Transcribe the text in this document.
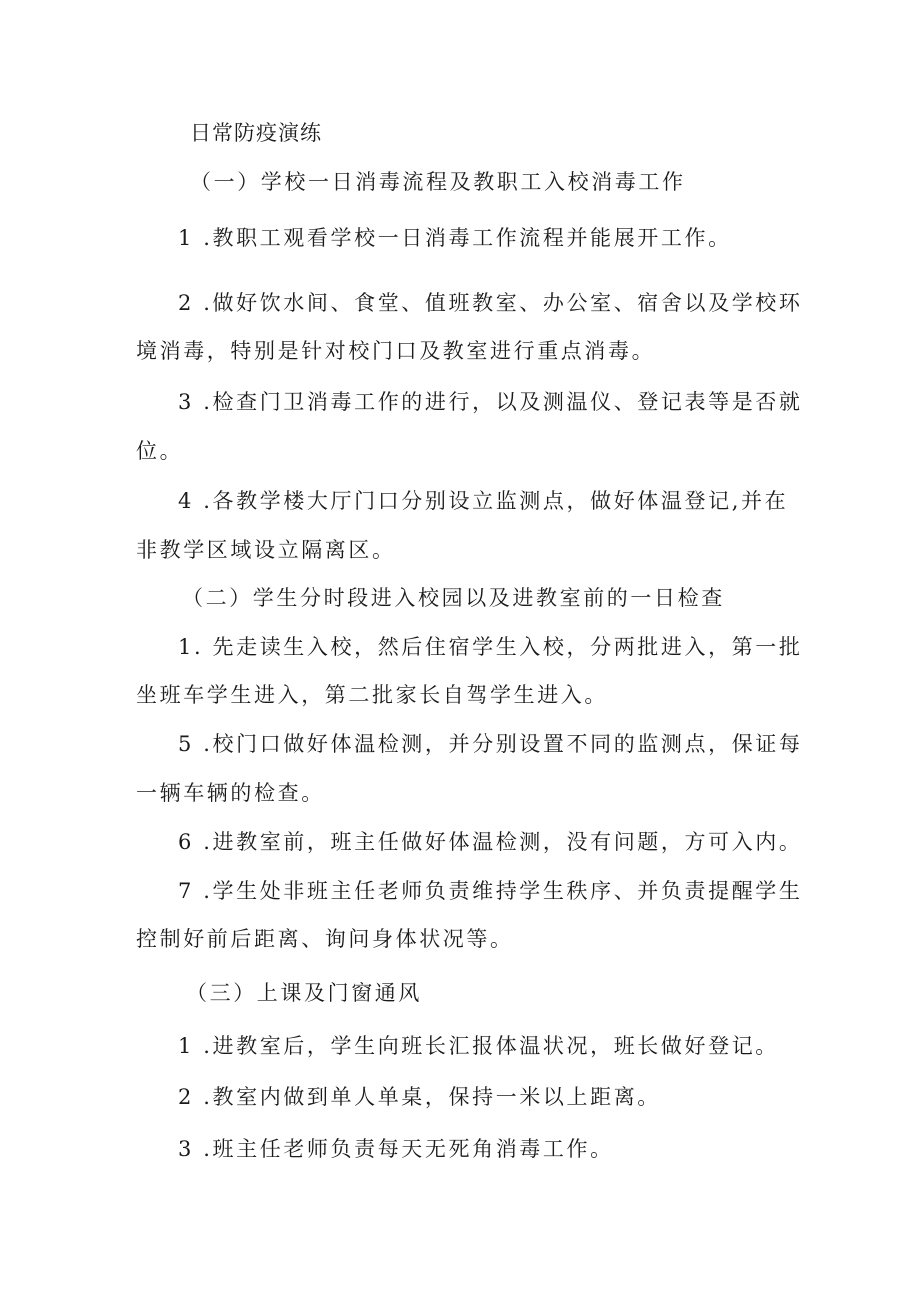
日常防疫演练
（一）学校一日消毒流程及教职工入校消毒工作
1 .教职工观看学校一日消毒工作流程并能展开工作。
2 .做好饮水间、食堂、值班教室、办公室、宿舍以及学校环
境消毒，特别是针对校门口及教室进行重点消毒。
3 .检查门卫消毒工作的进行，以及测温仪、登记表等是否就
位。
4 .各教学楼大厅门口分别设立监测点，做好体温登记,并在
非教学区域设立隔离区。
（二）学生分时段进入校园以及进教室前的一日检查
1. 先走读生入校，然后住宿学生入校，分两批进入，第一批
坐班车学生进入，第二批家长自驾学生进入。
5 .校门口做好体温检测，并分别设置不同的监测点，保证每
一辆车辆的检查。
6 .进教室前，班主任做好体温检测，没有问题，方可入内。
7 .学生处非班主任老师负责维持学生秩序、并负责提醒学生
控制好前后距离、询问身体状况等。
（三）上课及门窗通风
1 .进教室后，学生向班长汇报体温状况，班长做好登记。
2 .教室内做到单人单桌，保持一米以上距离。
3 .班主任老师负责每天无死角消毒工作。
